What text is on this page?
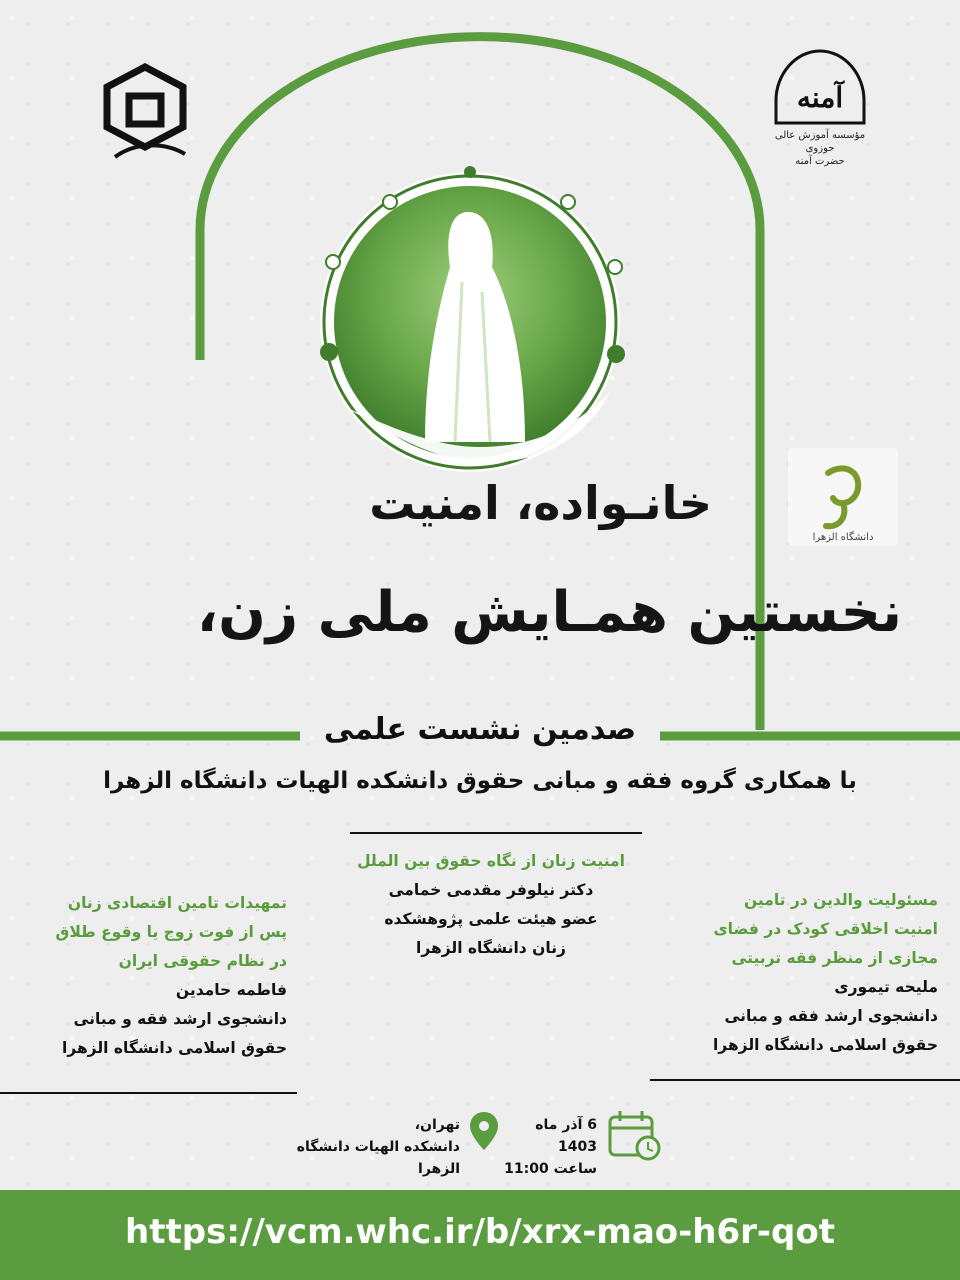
آمنه
مؤسسه آموزش عالی حوزوی
حضرت آمنه
دانشگاه الزهرا
خانـواده، امنیت
نخستین همـایش ملی زن،
صدمین نشست علمی
با همکاری گروه فقه و مبانی حقوق دانشکده الهیات دانشگاه الزهرا
امنیت زنان از نگاه حقوق بین الملل
دکتر نیلوفر مقدمی خمامی
عضو هیئت علمی پژوهشکده
زنان دانشگاه الزهرا
مسئولیت والدین در تامین
امنیت اخلاقی کودک در فضای
مجازی از منظر فقه تربیتی
ملیحه تیموری
دانشجوی ارشد فقه و مبانی
حقوق اسلامی دانشگاه الزهرا
تمهیدات تامین اقتصادی زنان
پس از فوت زوج یا وقوع طلاق
در نظام حقوقی ایران
فاطمه حامدین
دانشجوی ارشد فقه و مبانی
حقوق اسلامی دانشگاه الزهرا
6 آذر ماه 1403
ساعت 11:00
تهران،
دانشکده الهیات دانشگاه الزهرا
https://vcm.whc.ir/b/xrx-mao-h6r-qot
